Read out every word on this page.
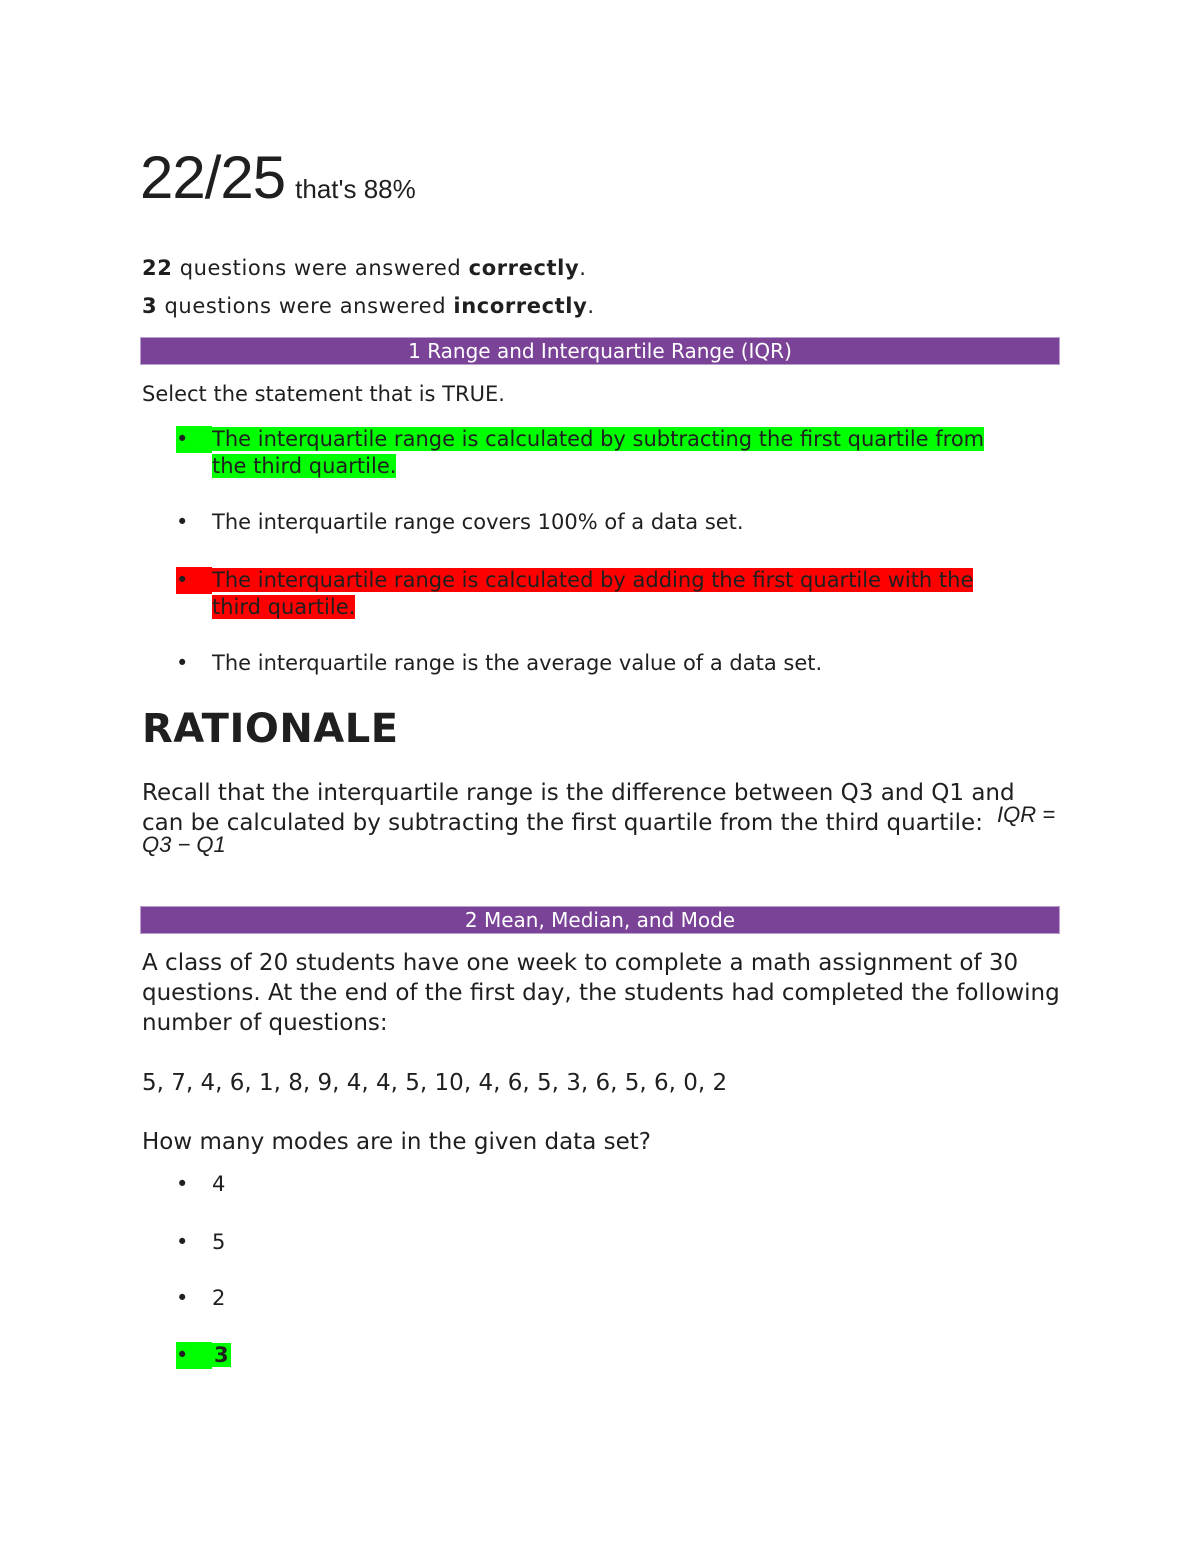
22/25 that's 88%
22 questions were answered correctly.
3 questions were answered incorrectly.
1 Range and Interquartile Range (IQR)
Select the statement that is TRUE.
•	The interquartile range is calculated by subtracting the first quartile from the third quartile.
•	The interquartile range covers 100% of a data set.
•	The interquartile range is calculated by adding the first quartile with the third quartile.
•	The interquartile range is the average value of a data set.
RATIONALE
Recall that the interquartile range is the difference between Q3 and Q1 and can be calculated by subtracting the first quartile from the third quartile: IQR = Q3 − Q1
2 Mean, Median, and Mode
A class of 20 students have one week to complete a math assignment of 30 questions. At the end of the first day, the students had completed the following number of questions:
5, 7, 4, 6, 1, 8, 9, 4, 4, 5, 10, 4, 6, 5, 3, 6, 5, 6, 0, 2
How many modes are in the given data set?
•	4
•	5
•	2
•	3
